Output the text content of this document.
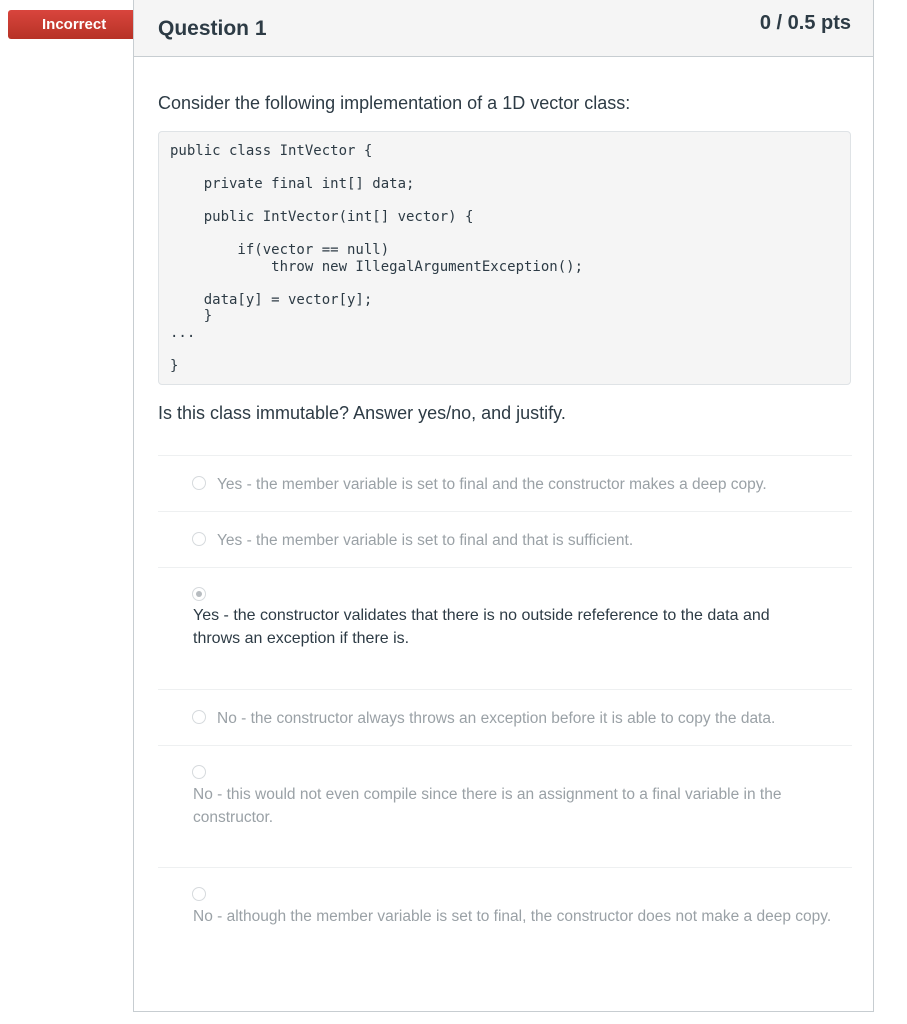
Incorrect	Question 1	0 / 0.5 pts
Consider the following implementation of a 1D vector class:
public class IntVector {

private final int[] data;

public IntVector(int[] vector) {

if(vector == null)
throw new IllegalArgumentException();

data[y] = vector[y];
}
...

}
Is this class immutable? Answer yes/no, and justify.
Yes - the member variable is set to final and the constructor makes a deep copy.
Yes - the member variable is set to final and that is sufficient.
Yes - the constructor validates that there is no outside refeference to the data and throws an exception if there is.
No - the constructor always throws an exception before it is able to copy the data.
No - this would not even compile since there is an assignment to a final variable in the constructor.
No - although the member variable is set to final, the constructor does not make a deep copy.
